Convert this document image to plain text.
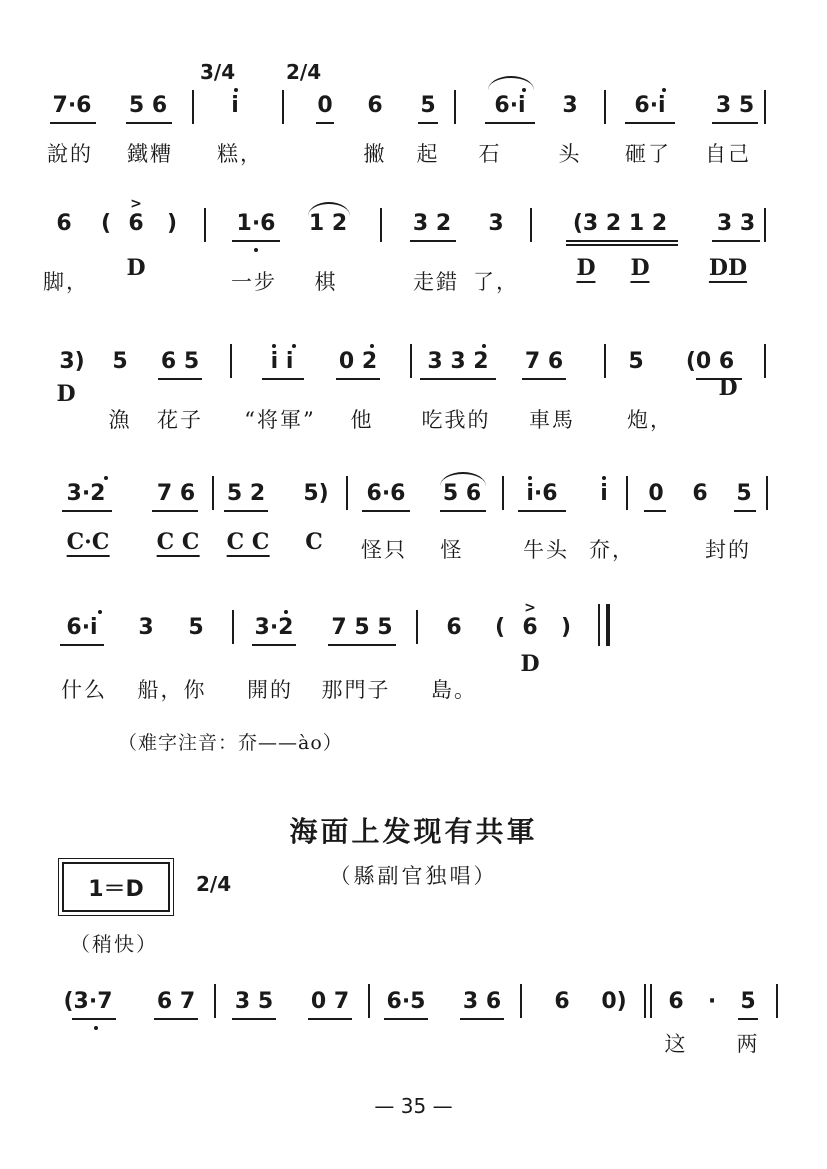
3/4	2/4
7·6 5 6	i	0 6 5	6·i 3	6·i 3 5
說的 鐵糟 糕，	撇 起 石	头 砸了 自己
6 ( 6 )	1·6 1 2	3 2 3	(3 2 1 2 3 3
>
D	D D	DD
脚，	一步 棋	走錯 了，
3) 5 6 5	i i 0 2 3 3 2 7 6	5 (0 6
D	D
漁 花子 “将軍” 他 吃我的 車馬 炮，
3·2 7 6 5 2 5) 6·6 5 6 i·6 i 0 6 5
C·C C C C C C 怪只 怪	牛头 夼，	封的
6·i 3 5 3·2 7 5 5 6 ( 6 )
>
D
什么 船，你 開的 那門子 島。
（难字注音：夼——ào）
海面上发现有共軍
（縣副官独唱）
1＝D	2/4
（稍快）
(3·7 6 7 3 5 0 7 6·5 3 6 6 0) 6 · 5
这 两
— 35 —
